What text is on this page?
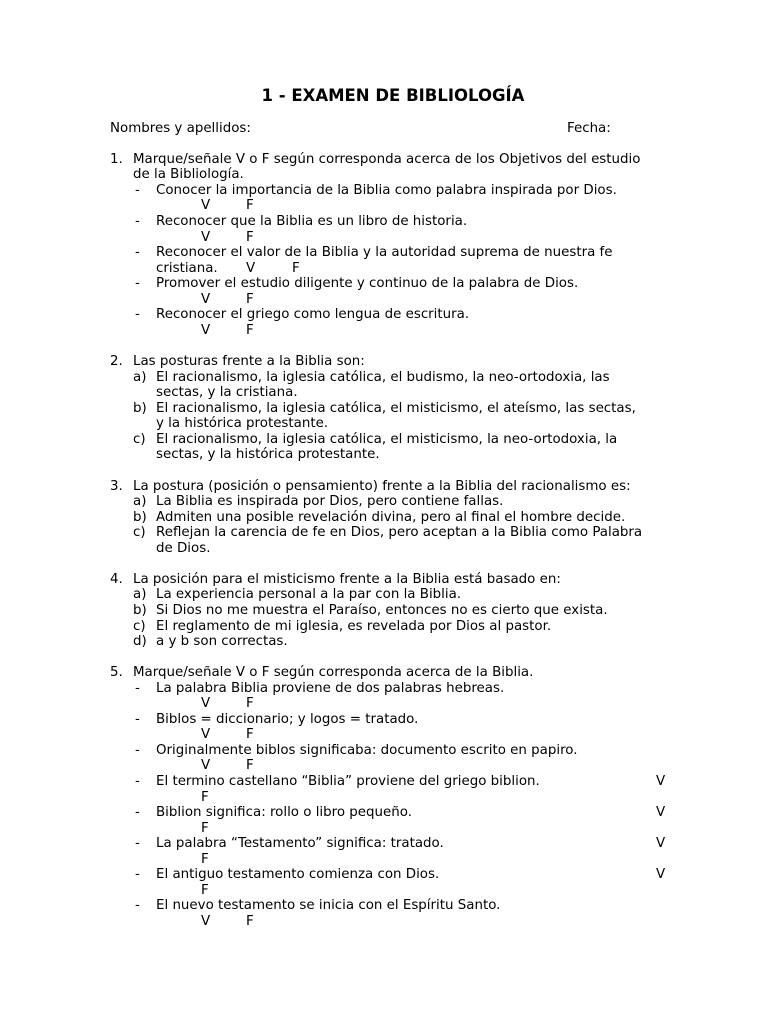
1 - EXAMEN DE BIBLIOLOGÍA
Nombres y apellidos:	Fecha:
1. Marque/señale V o F según corresponda acerca de los Objetivos del estudio
de la Bibliología.
- Conocer la importancia de la Biblia como palabra inspirada por Dios.
V	F
- Reconocer que la Biblia es un libro de historia.
V	F
- Reconocer el valor de la Biblia y la autoridad suprema de nuestra fe
cristiana. V	F
- Promover el estudio diligente y continuo de la palabra de Dios.
V	F
- Reconocer el griego como lengua de escritura.
V	F
2. Las posturas frente a la Biblia son:
a) El racionalismo, la iglesia católica, el budismo, la neo-ortodoxia, las
sectas, y la cristiana.
b) El racionalismo, la iglesia católica, el misticismo, el ateísmo, las sectas,
y la histórica protestante.
c) El racionalismo, la iglesia católica, el misticismo, la neo-ortodoxia, la
sectas, y la histórica protestante.
3. La postura (posición o pensamiento) frente a la Biblia del racionalismo es:
a) La Biblia es inspirada por Dios, pero contiene fallas.
b) Admiten una posible revelación divina, pero al final el hombre decide.
c) Reflejan la carencia de fe en Dios, pero aceptan a la Biblia como Palabra
de Dios.
4. La posición para el misticismo frente a la Biblia está basado en:
a) La experiencia personal a la par con la Biblia.
b) Si Dios no me muestra el Paraíso, entonces no es cierto que exista.
c) El reglamento de mi iglesia, es revelada por Dios al pastor.
d) a y b son correctas.
5. Marque/señale V o F según corresponda acerca de la Biblia.
- La palabra Biblia proviene de dos palabras hebreas.
V	F
- Biblos = diccionario; y logos = tratado.
V	F
- Originalmente biblos significaba: documento escrito en papiro.
V	F
- El termino castellano “Biblia” proviene del griego biblion.	V
F
- Biblion significa: rollo o libro pequeño.	V
F
- La palabra “Testamento” significa: tratado.	V
F
- El antiguo testamento comienza con Dios.	V
F
- El nuevo testamento se inicia con el Espíritu Santo.
V	F
